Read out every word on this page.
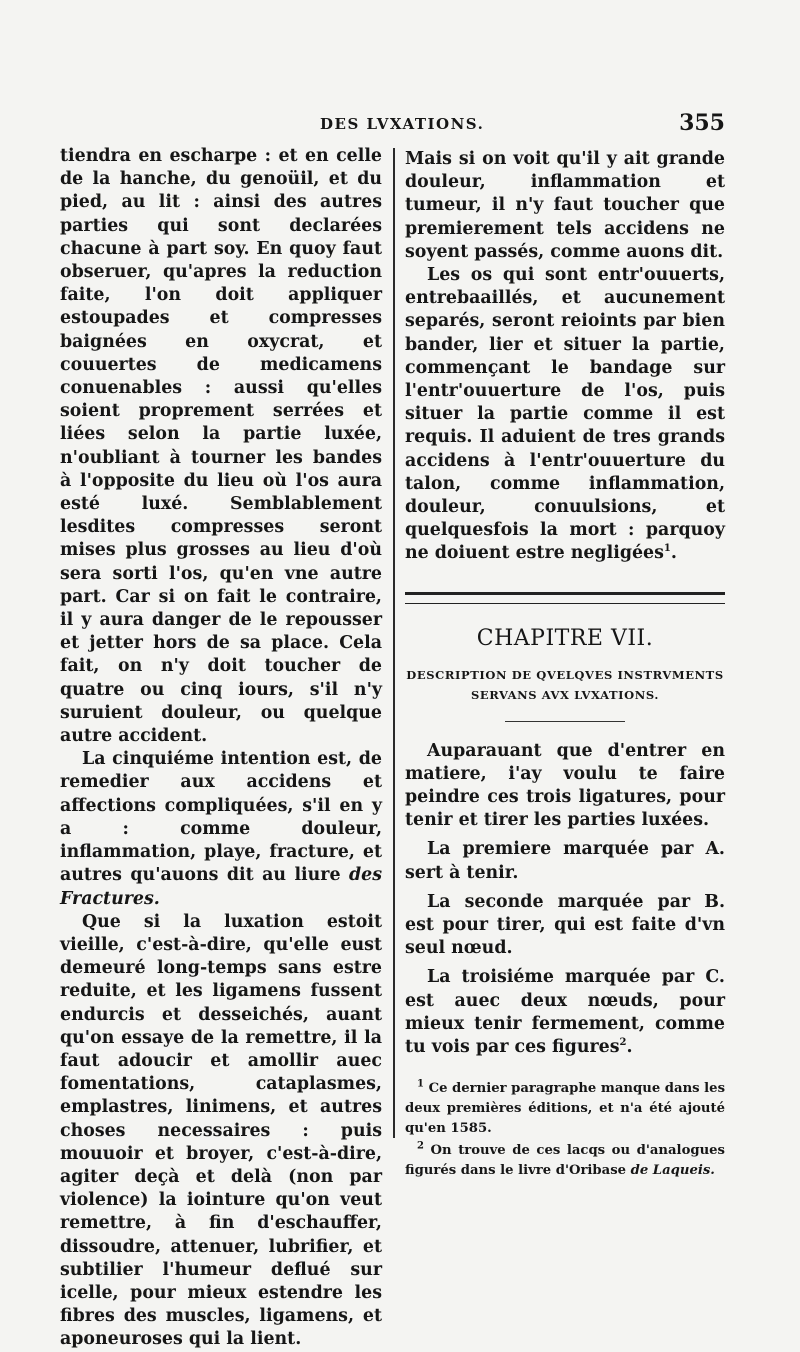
DES LVXATIONS.	355

tiendra en escharpe : et en celle de la hanche, du genoüil, et du pied, au lit : ainsi des autres parties qui sont declarées chacune à part soy. En quoy faut obseruer, qu'apres la reduction faite, l'on doit appliquer estoupades et compresses baignées en oxycrat, et couuertes de medicamens conuenables : aussi qu'elles soient proprement serrées et liées selon la partie luxée, n'oubliant à tourner les bandes à l'opposite du lieu où l'os aura esté luxé. Semblablement lesdites compresses seront mises plus grosses au lieu d'où sera sorti l'os, qu'en vne autre part. Car si on fait le contraire, il y aura danger de le repousser et jetter hors de sa place. Cela fait, on n'y doit toucher de quatre ou cinq iours, s'il n'y suruient douleur, ou quelque autre accident.

La cinquiéme intention est, de remedier aux accidens et affections compliquées, s'il en y a : comme douleur, inflammation, playe, fracture, et autres qu'auons dit au liure des Fractures.

Que si la luxation estoit vieille, c'est-à-dire, qu'elle eust demeuré long-temps sans estre reduite, et les ligamens fussent endurcis et desseichés, auant qu'on essaye de la remettre, il la faut adoucir et amollir auec fomentations, cataplasmes, emplastres, linimens, et autres choses necessaires : puis mouuoir et broyer, c'est-à-dire, agiter deçà et delà (non par violence) la iointure qu'on veut remettre, à fin d'eschauffer, dissoudre, attenuer, lubrifier, et subtilier l'humeur deflué sur icelle, pour mieux estendre les fibres des muscles, ligamens, et aponeuroses qui la lient.

Mais si on voit qu'il y ait grande douleur, inflammation et tumeur, il n'y faut toucher que premierement tels accidens ne soyent passés, comme auons dit.

Les os qui sont entr'ouuerts, entrebaaillés, et aucunement separés, seront reioints par bien bander, lier et situer la partie, commençant le bandage sur l'entr'ouuerture de l'os, puis situer la partie comme il est requis. Il aduient de tres grands accidens à l'entr'ouuerture du talon, comme inflammation, douleur, conuulsions, et quelquesfois la mort : parquoy ne doiuent estre negligées$^1$.

CHAPITRE VII.
DESCRIPTION DE QVELQVES INSTRVMENTS SERVANS AVX LVXATIONS.

Auparauant que d'entrer en matiere, i'ay voulu te faire peindre ces trois ligatures, pour tenir et tirer les parties luxées.

La premiere marquée par A. sert à tenir.

La seconde marquée par B. est pour tirer, qui est faite d'vn seul nœud.

La troisiéme marquée par C. est auec deux nœuds, pour mieux tenir fermement, comme tu vois par ces figures$^2$.

$^1$ Ce dernier paragraphe manque dans les deux premières éditions, et n'a été ajouté qu'en 1585.

$^2$ On trouve de ces lacqs ou d'analogues figurés dans le livre d'Oribase de Laqueis.
